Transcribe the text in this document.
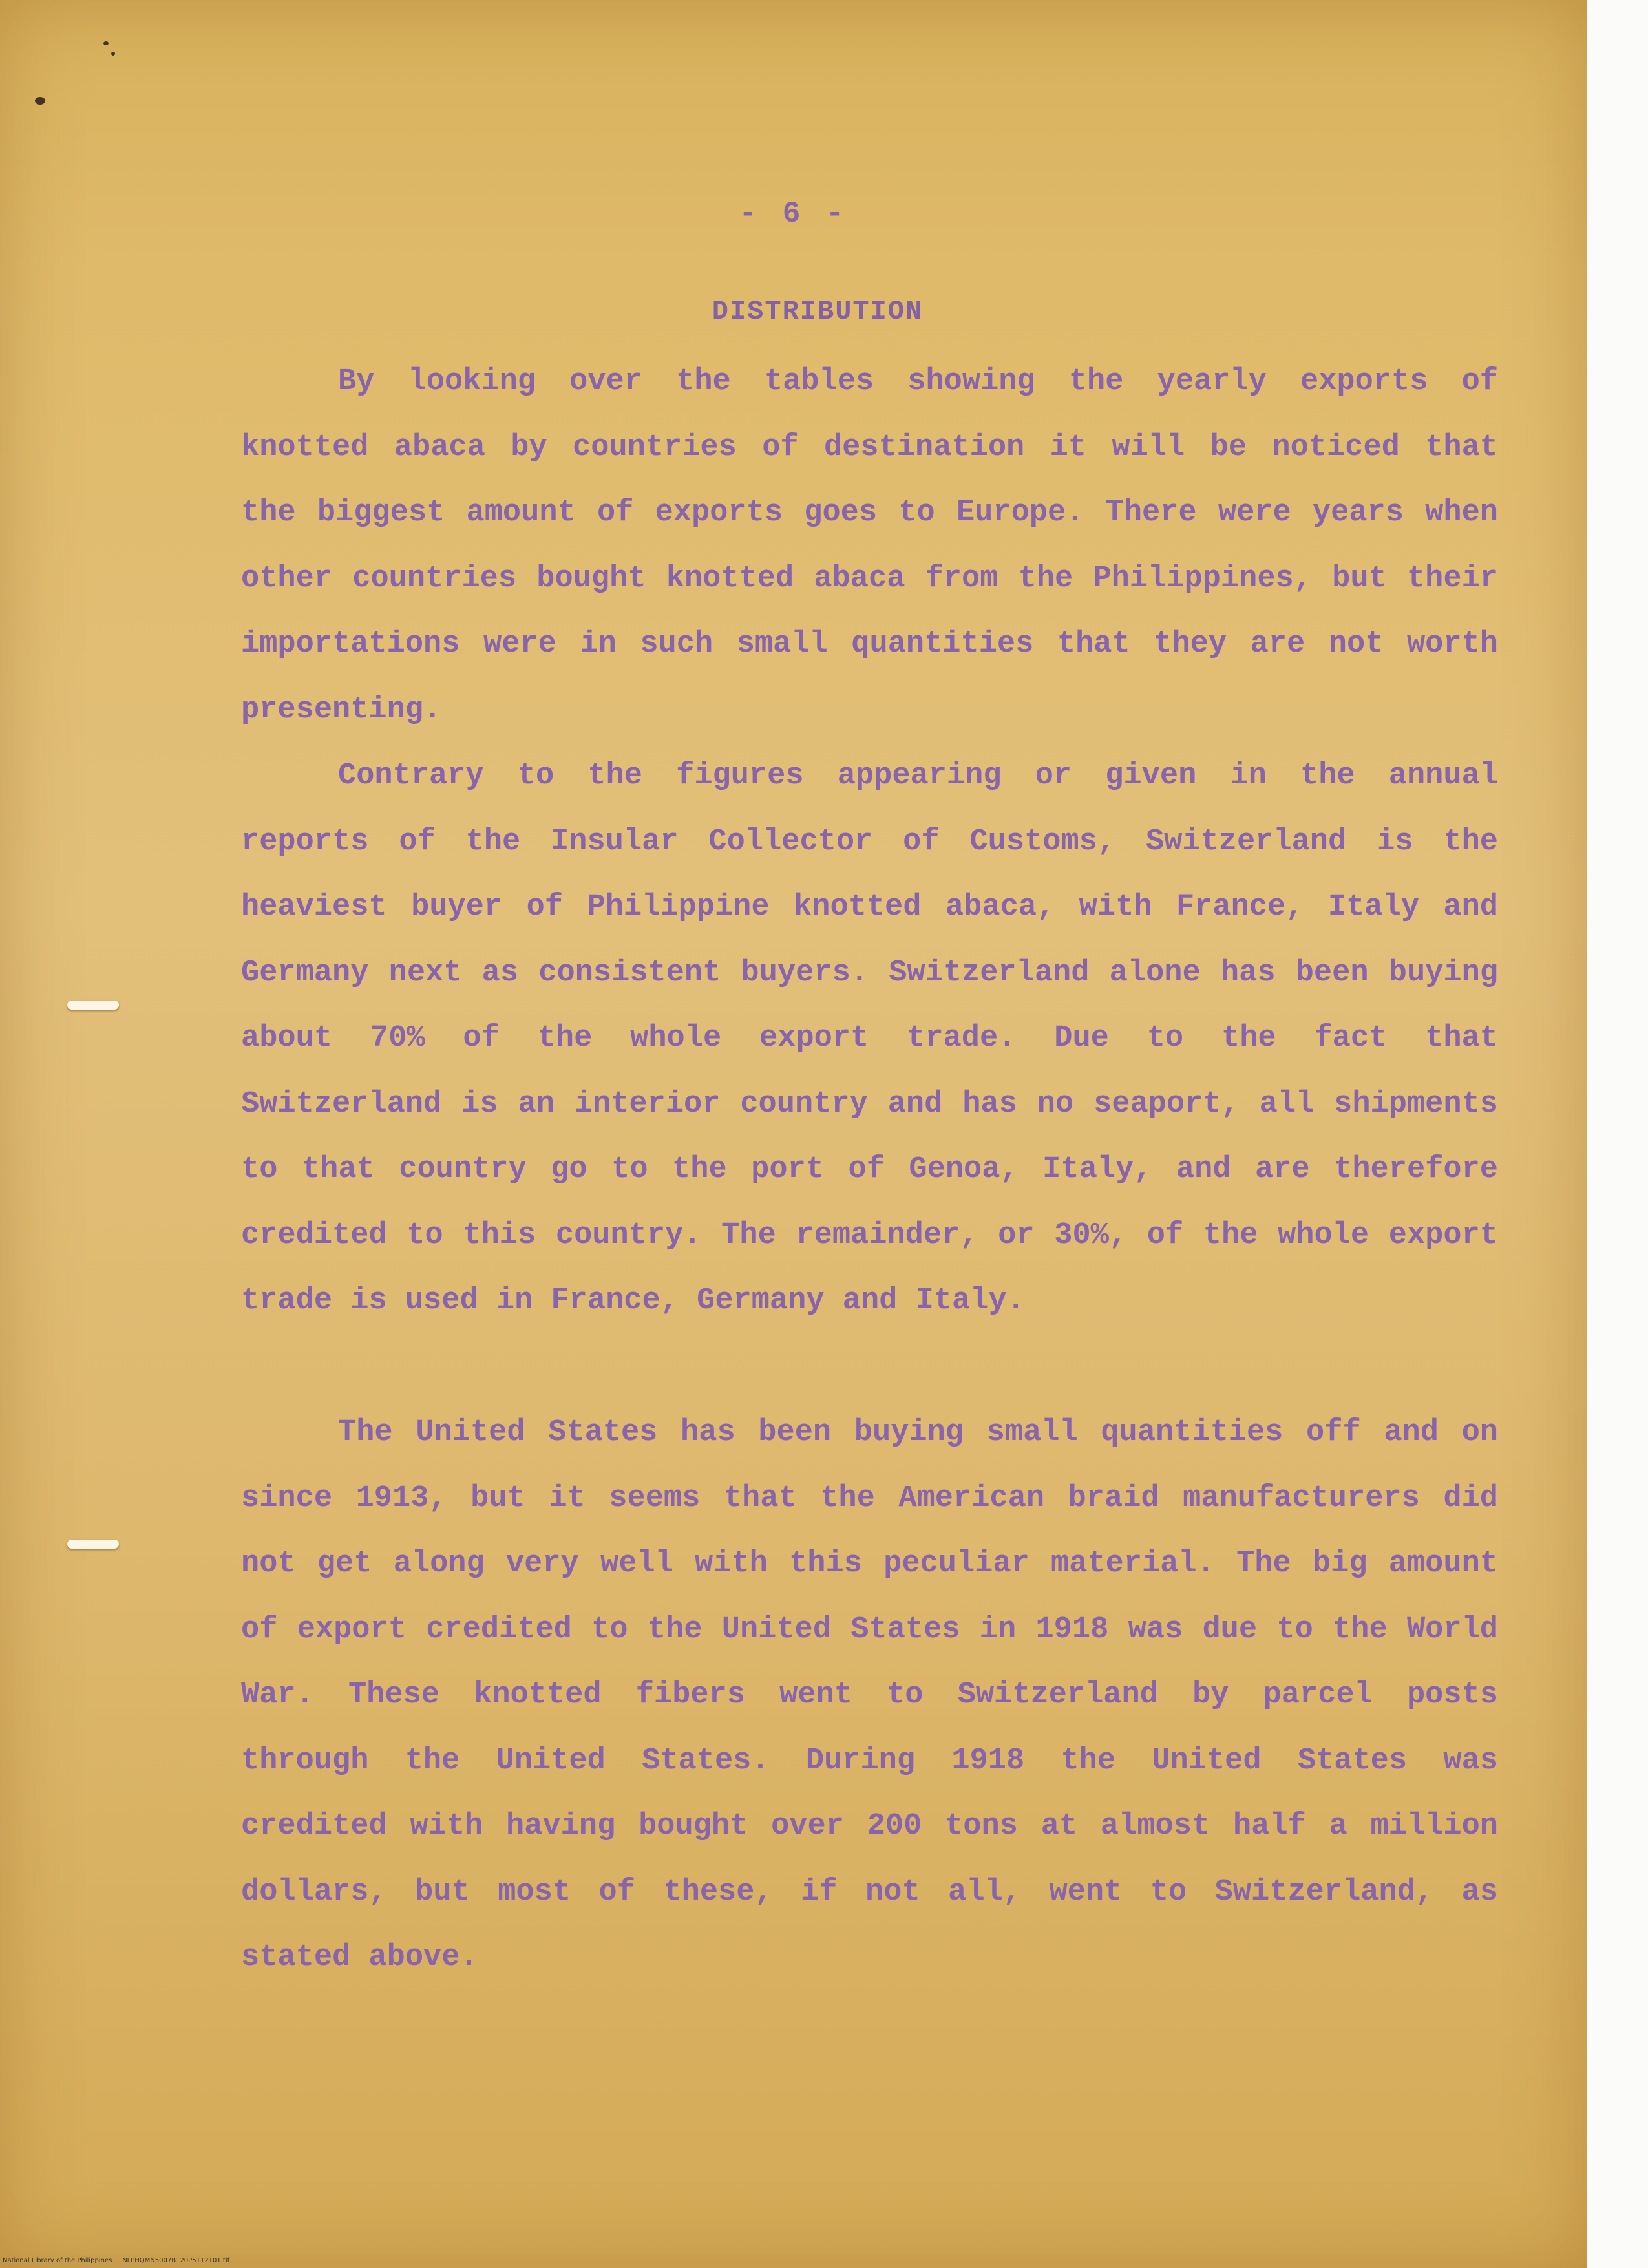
- 6 -
DISTRIBUTION

By looking over the tables showing the yearly exports of knotted abaca by countries of destination it will be noticed that the biggest amount of exports goes to Europe. There were years when other countries bought knotted abaca from the Philippines, but their importations were in such small quantities that they are not worth presenting.

Contrary to the figures appearing or given in the annual reports of the Insular Collector of Customs, Switzerland is the heaviest buyer of Philippine knotted abaca, with France, Italy and Germany next as consistent buyers. Switzerland alone has been buying about 70% of the whole export trade. Due to the fact that Switzerland is an interior country and has no seaport, all shipments to that country go to the port of Genoa, Italy, and are therefore credited to this country. The remainder, or 30%, of the whole export trade is used in France, Germany and Italy.

The United States has been buying small quantities off and on since 1913, but it seems that the American braid manufacturers did not get along very well with this peculiar material. The big amount of export credited to the United States in 1918 was due to the World War. These knotted fibers went to Switzerland by parcel posts through the United States. During 1918 the United States was credited with having bought over 200 tons at almost half a million dollars, but most of these, if not all, went to Switzerland, as stated above.

National Library of the Philippines NLPHQMN5007B120P5112101.tif
